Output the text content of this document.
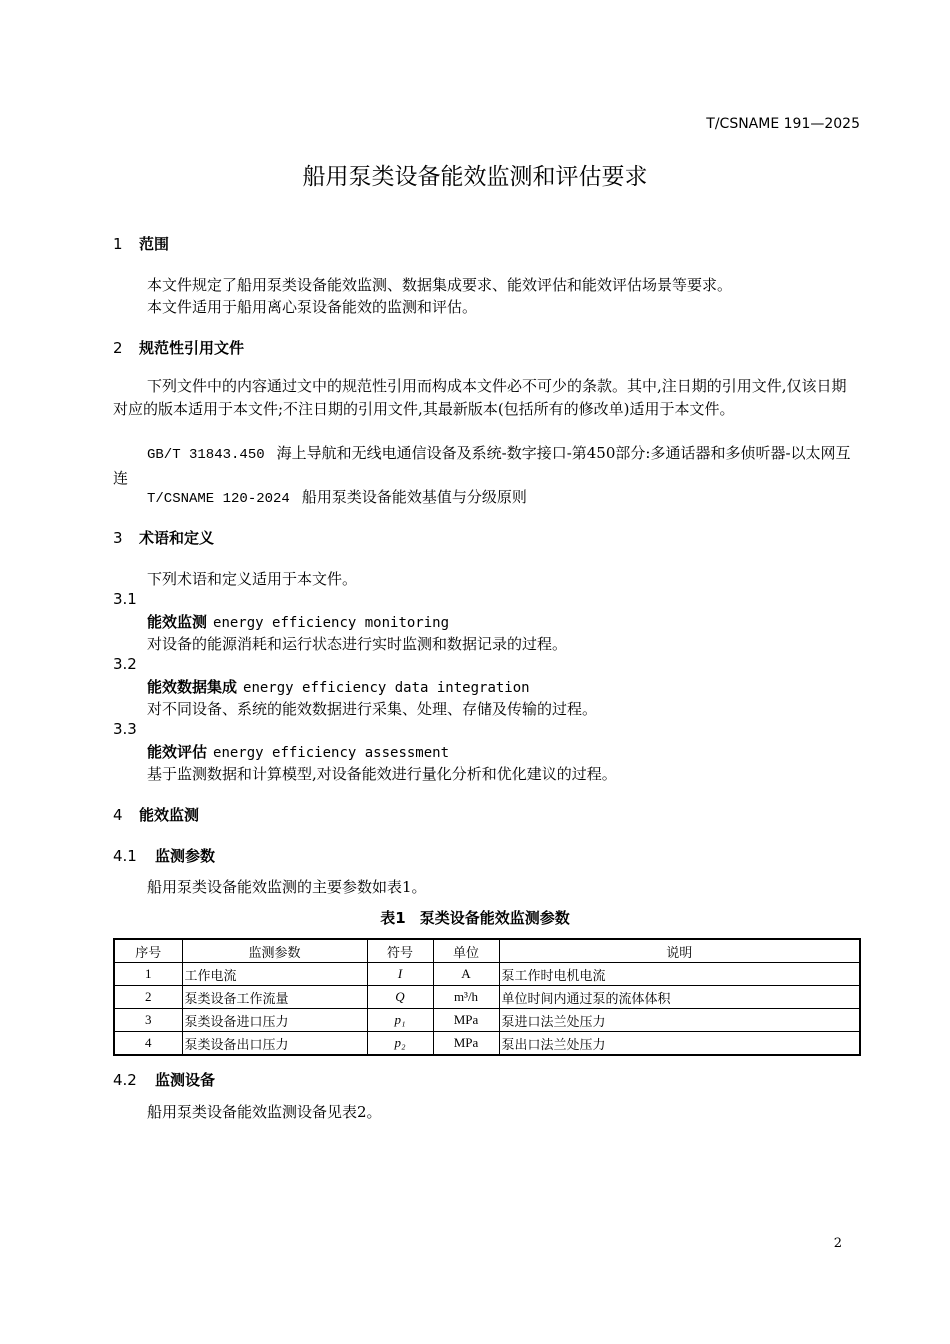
T/CSNAME 191—2025
船用泵类设备能效监测和评估要求
1 范围
本文件规定了船用泵类设备能效监测、数据集成要求、能效评估和能效评估场景等要求。
本文件适用于船用离心泵设备能效的监测和评估。
2 规范性引用文件
下列文件中的内容通过文中的规范性引用而构成本文件必不可少的条款。其中,注日期的引用文件,仅该日期对应的版本适用于本文件;不注日期的引用文件,其最新版本(包括所有的修改单)适用于本文件。
GB/T 31843.450 海上导航和无线电通信设备及系统-数字接口-第450部分:多通话器和多侦听器-以太网互连
T/CSNAME 120-2024 船用泵类设备能效基值与分级原则
3 术语和定义
下列术语和定义适用于本文件。
3.1
能效监测 energy efficiency monitoring
对设备的能源消耗和运行状态进行实时监测和数据记录的过程。
3.2
能效数据集成 energy efficiency data integration
对不同设备、系统的能效数据进行采集、处理、存储及传输的过程。
3.3
能效评估 energy efficiency assessment
基于监测数据和计算模型,对设备能效进行量化分析和优化建议的过程。
4 能效监测
4.1 监测参数
船用泵类设备能效监测的主要参数如表1。
表1 泵类设备能效监测参数
序号	监测参数	符号	单位	说明
1	工作电流	I	A	泵工作时电机电流
2	泵类设备工作流量	Q	m³/h	单位时间内通过泵的流体体积
3	泵类设备进口压力	p₁	MPa	泵进口法兰处压力
4	泵类设备出口压力	p₂	MPa	泵出口法兰处压力
4.2 监测设备
船用泵类设备能效监测设备见表2。
2
